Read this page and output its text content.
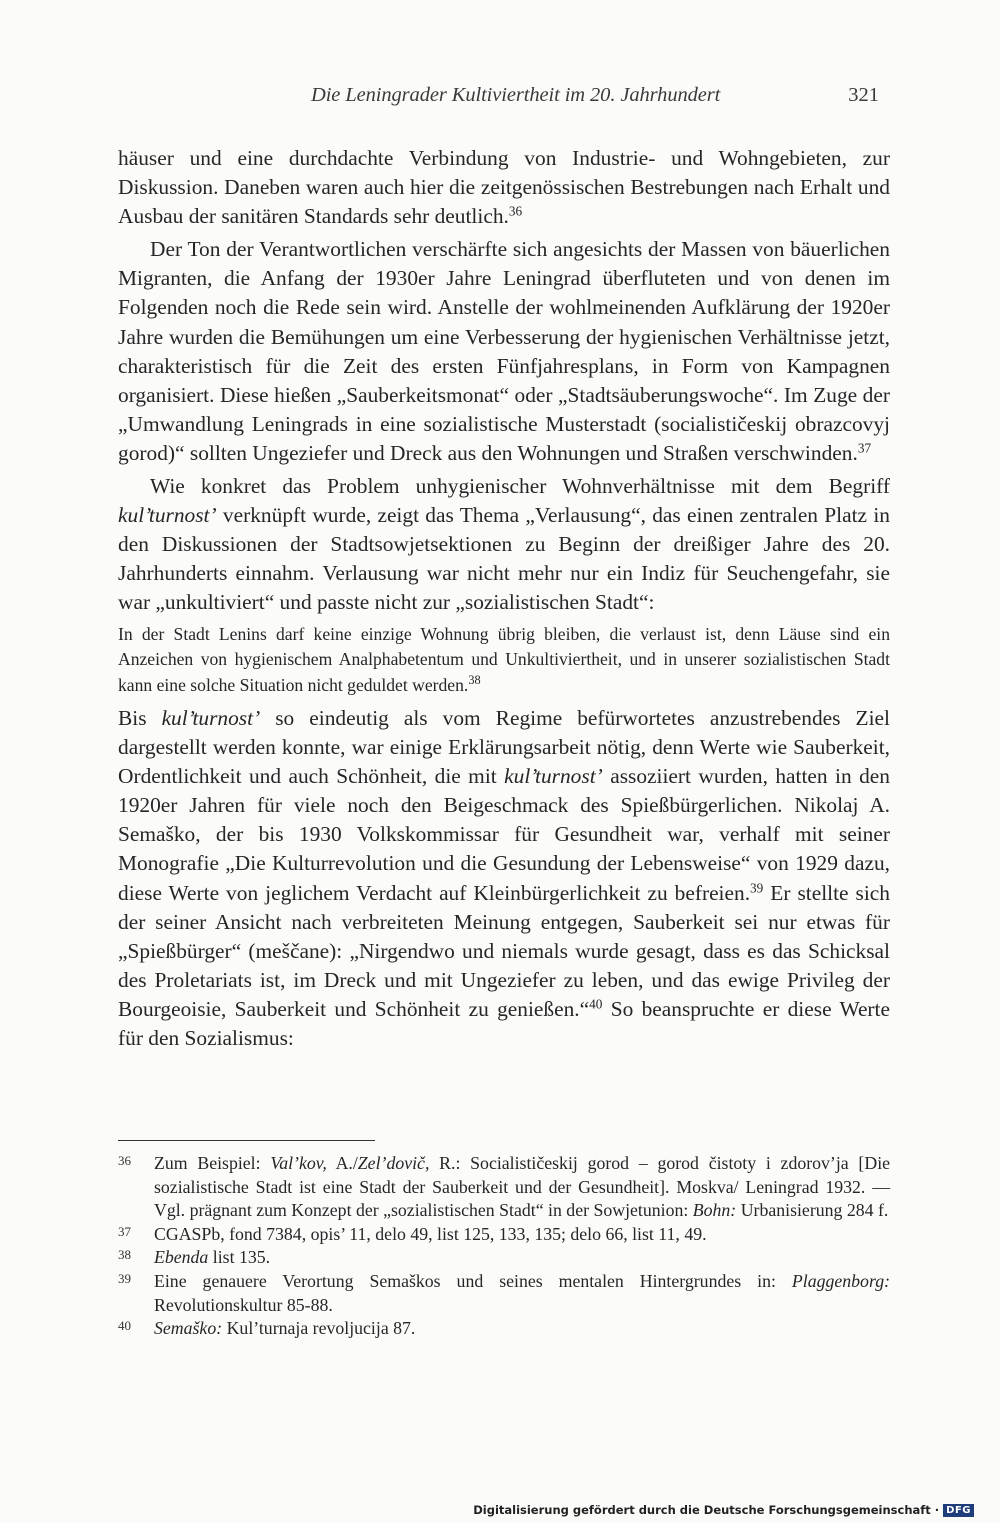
Die Leningrader Kultiviertheit im 20. Jahrhundert	321

häuser und eine durchdachte Verbindung von Industrie- und Wohngebieten, zur Diskussion. Daneben waren auch hier die zeitgenössischen Bestrebungen nach Erhalt und Ausbau der sanitären Standards sehr deutlich.$^{36}$

Der Ton der Verantwortlichen verschärfte sich angesichts der Massen von bäuerlichen Migranten, die Anfang der 1930er Jahre Leningrad überfluteten und von denen im Folgenden noch die Rede sein wird. Anstelle der wohlmeinenden Aufklärung der 1920er Jahre wurden die Bemühungen um eine Verbesserung der hygienischen Verhältnisse jetzt, charakteristisch für die Zeit des ersten Fünfjahresplans, in Form von Kampagnen organisiert. Diese hießen „Sauberkeitsmonat“ oder „Stadtsäuberungswoche“. Im Zuge der „Umwandlung Leningrads in eine sozialistische Musterstadt (socialističeskij obrazcovyj gorod)“ sollten Ungeziefer und Dreck aus den Wohnungen und Straßen verschwinden.$^{37}$

Wie konkret das Problem unhygienischer Wohnverhältnisse mit dem Begriff kul’turnost’ verknüpft wurde, zeigt das Thema „Verlausung“, das einen zentralen Platz in den Diskussionen der Stadtsowjetsektionen zu Beginn der dreißiger Jahre des 20. Jahrhunderts einnahm. Verlausung war nicht mehr nur ein Indiz für Seuchengefahr, sie war „unkultiviert“ und passte nicht zur „sozialistischen Stadt“:

In der Stadt Lenins darf keine einzige Wohnung übrig bleiben, die verlaust ist, denn Läuse sind ein Anzeichen von hygienischem Analphabetentum und Unkultiviertheit, und in unserer sozialistischen Stadt kann eine solche Situation nicht geduldet werden.$^{38}$

Bis kul’turnost’ so eindeutig als vom Regime befürwortetes anzustrebendes Ziel dargestellt werden konnte, war einige Erklärungsarbeit nötig, denn Werte wie Sauberkeit, Ordentlichkeit und auch Schönheit, die mit kul’turnost’ assoziiert wurden, hatten in den 1920er Jahren für viele noch den Beigeschmack des Spießbürgerlichen. Nikolaj A. Semaško, der bis 1930 Volkskommissar für Gesundheit war, verhalf mit seiner Monografie „Die Kulturrevolution und die Gesundung der Lebensweise“ von 1929 dazu, diese Werte von jeglichem Verdacht auf Kleinbürgerlichkeit zu befreien.$^{39}$ Er stellte sich der seiner Ansicht nach verbreiteten Meinung entgegen, Sauberkeit sei nur etwas für „Spießbürger“ (meščane): „Nirgendwo und niemals wurde gesagt, dass es das Schicksal des Proletariats ist, im Dreck und mit Ungeziefer zu leben, und das ewige Privileg der Bourgeoisie, Sauberkeit und Schönheit zu genießen.“$^{40}$ So beanspruchte er diese Werte für den Sozialismus:

36	Zum Beispiel: Val’kov, A./Zel’dovič, R.: Socialističeskij gorod – gorod čistoty i zdorov’ja [Die sozialistische Stadt ist eine Stadt der Sauberkeit und der Gesundheit]. Moskva/ Leningrad 1932. — Vgl. prägnant zum Konzept der „sozialistischen Stadt“ in der Sowjetunion: Bohn: Urbanisierung 284 f.
37	CGASPb, fond 7384, opis’ 11, delo 49, list 125, 133, 135; delo 66, list 11, 49.
38	Ebenda list 135.
39	Eine genauere Verortung Semaškos und seines mentalen Hintergrundes in: Plaggenborg: Revolutionskultur 85-88.
40	Semaško: Kul’turnaja revoljucija 87.
Digitalisierung gefördert durch die Deutsche Forschungsgemeinschaft · DFG
